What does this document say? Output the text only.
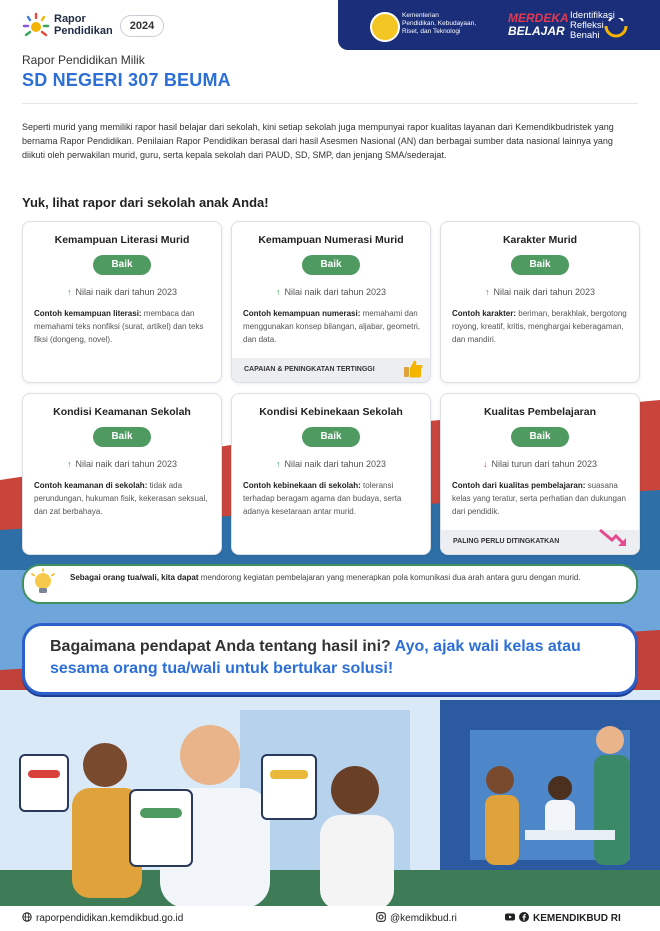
Rapor
Pendidikan	2024
Kementerian
Pendidikan, Kebudayaan,
Riset, dan Teknologi
MERDEKA
BELAJAR
Identifikasi
Refleksi
Benahi
Rapor Pendidikan Milik
SD NEGERI 307 BEUMA
Seperti murid yang memiliki rapor hasil belajar dari sekolah, kini setiap sekolah juga mempunyai rapor kualitas layanan dari Kemendikbudristek yang bernama Rapor Pendidikan. Penilaian Rapor Pendidikan berasal dari hasil Asesmen Nasional (AN) dan berbagai sumber data nasional lainnya yang diikuti oleh perwakilan murid, guru, serta kepala sekolah dari PAUD, SD, SMP, dan jenjang SMA/sederajat.
Yuk, lihat rapor dari sekolah anak Anda!
Kemampuan Literasi Murid
Baik
↑ Nilai naik dari tahun 2023
Contoh kemampuan literasi: membaca dan memahami teks nonfiksi (surat, artikel) dan teks fiksi (dongeng, novel).
Kemampuan Numerasi Murid
Baik
↑ Nilai naik dari tahun 2023
Contoh kemampuan numerasi: memahami dan menggunakan konsep bilangan, aljabar, geometri, dan data.
CAPAIAN & PENINGKATAN TERTINGGI
Karakter Murid
Baik
↑ Nilai naik dari tahun 2023
Contoh karakter: beriman, berakhlak, bergotong royong, kreatif, kritis, menghargai keberagaman, dan mandiri.
Kondisi Keamanan Sekolah
Baik
↑ Nilai naik dari tahun 2023
Contoh keamanan di sekolah: tidak ada perundungan, hukuman fisik, kekerasan seksual, dan zat berbahaya.
Kondisi Kebinekaan Sekolah
Baik
↑ Nilai naik dari tahun 2023
Contoh kebinekaan di sekolah: toleransi terhadap beragam agama dan budaya, serta adanya kesetaraan antar murid.
Kualitas Pembelajaran
Baik
↓ Nilai turun dari tahun 2023
Contoh dari kualitas pembelajaran: suasana kelas yang teratur, serta perhatian dan dukungan dari pendidik.
PALING PERLU DITINGKATKAN
Sebagai orang tua/wali, kita dapat mendorong kegiatan pembelajaran yang menerapkan pola komunikasi dua arah antara guru dengan murid.
Bagaimana pendapat Anda tentang hasil ini? Ayo, ajak wali kelas atau sesama orang tua/wali untuk bertukar solusi!
raporpendidikan.kemdikbud.go.id	@kemdikbud.ri	KEMENDIKBUD RI
